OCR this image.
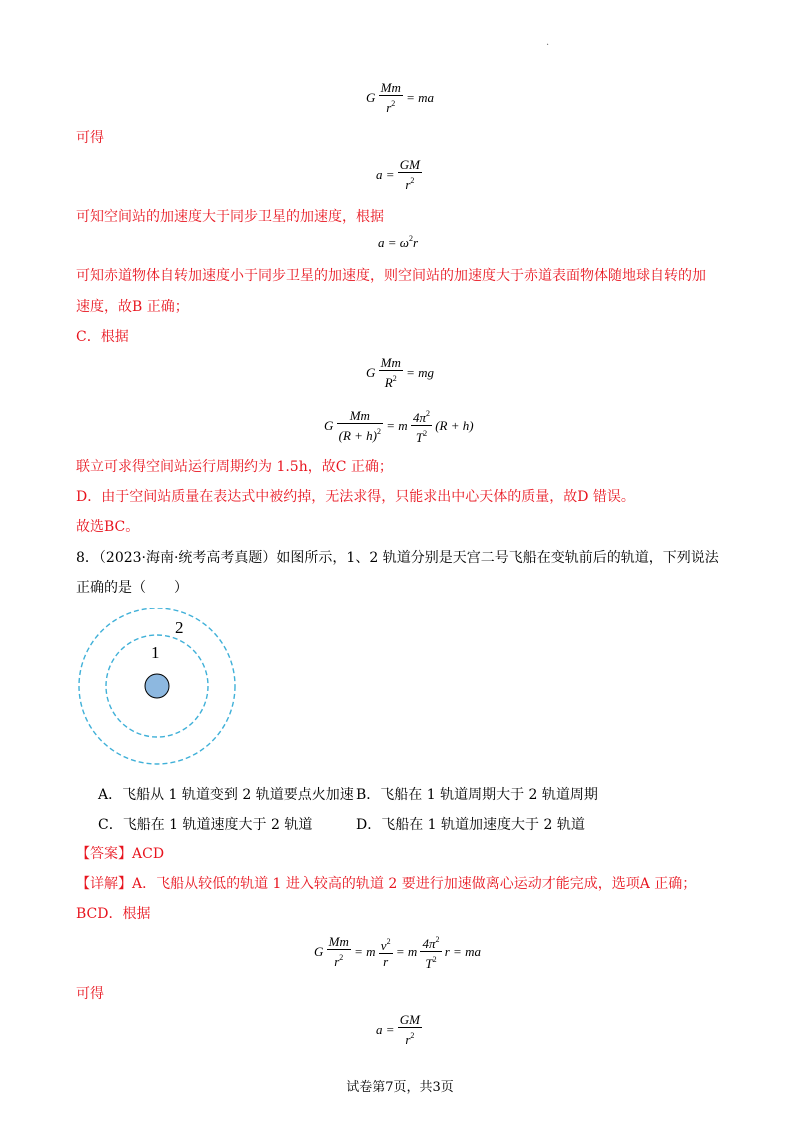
·
G $\frac{Mm}{r^2}$ = ma
可得
$a = \frac{GM}{r^2}$
可知空间站的加速度大于同步卫星的加速度，根据
$a = \omega^2r$
可知赤道物体自转加速度小于同步卫星的加速度，则空间站的加速度大于赤道表面物体随地球自转的加
速度，故B 正确；
C．根据
G $\frac{Mm}{R^2}$ = mg
G $\frac{Mm}{(R + h)^2} = m \frac{4\pi^2}{T^2} (R + h)$
联立可求得空间站运行周期约为 1.5h，故C 正确；
D．由于空间站质量在表达式中被约掉，无法求得，只能求出中心天体的质量，故D 错误。
故选BC。
8．（2023·海南·统考高考真题）如图所示，1、2 轨道分别是天宫二号飞船在变轨前后的轨道，下列说法
正确的是（　　）
1
2
A．飞船从 1 轨道变到 2 轨道要点火加速 B．飞船在 1 轨道周期大于 2 轨道周期
C．飞船在 1 轨道速度大于 2 轨道	D．飞船在 1 轨道加速度大于 2 轨道
【答案】ACD
【详解】A．飞船从较低的轨道 1 进入较高的轨道 2 要进行加速做离心运动才能完成，选项A 正确；
BCD．根据
G $\frac{Mm}{r^2} = m \frac{v^2}{r} = m \frac{4\pi^2}{T^2}$ r = ma
可得
$a = \frac{GM}{r^2}$
试卷第7页，共3页
